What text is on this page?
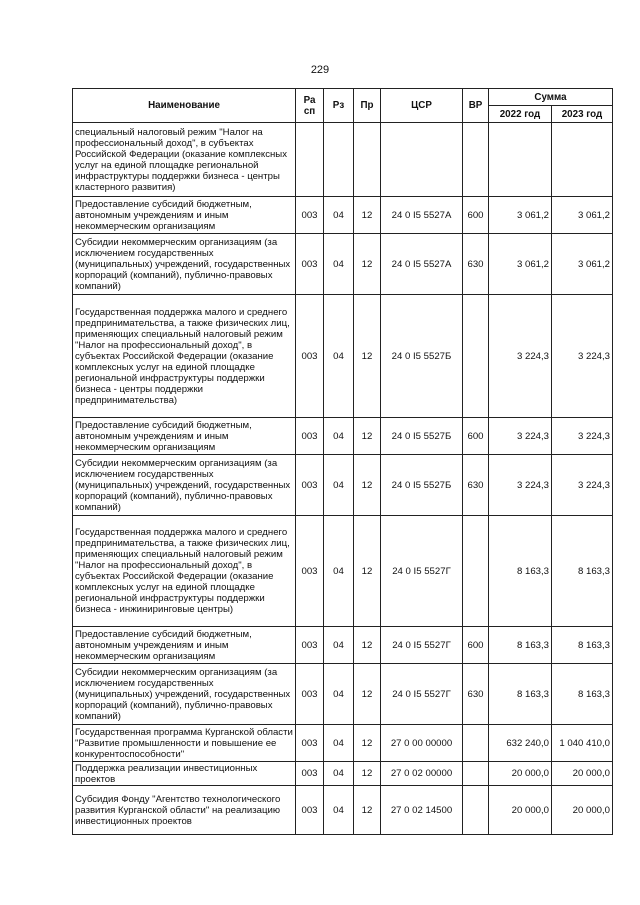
229
Наименование	Ра сп	Рз	Пр	ЦСР	ВР	Сумма	
						2022 год	2023 год
специальный налоговый режим "Налог на профессиональный доход", в субъектах Российской Федерации (оказание комплексных услуг на единой площадке региональной инфраструктуры поддержки бизнеса - центры кластерного развития)							
Предоставление субсидий бюджетным, автономным учреждениям и иным некоммерческим организациям	003	04	12	24 0 I5 5527А	600	3 061,2	3 061,2
Субсидии некоммерческим организациям (за исключением государственных (муниципальных) учреждений, государственных корпораций (компаний), публично-правовых компаний)	003	04	12	24 0 I5 5527А	630	3 061,2	3 061,2
Государственная поддержка малого и среднего предпринимательства, а также физических лиц, применяющих специальный налоговый режим "Налог на профессиональный доход", в субъектах Российской Федерации (оказание комплексных услуг на единой площадке региональной инфраструктуры поддержки бизнеса - центры поддержки предпринимательства)	003	04	12	24 0 I5 5527Б		3 224,3	3 224,3
Предоставление субсидий бюджетным, автономным учреждениям и иным некоммерческим организациям	003	04	12	24 0 I5 5527Б	600	3 224,3	3 224,3
Субсидии некоммерческим организациям (за исключением государственных (муниципальных) учреждений, государственных корпораций (компаний), публично-правовых компаний)	003	04	12	24 0 I5 5527Б	630	3 224,3	3 224,3
Государственная поддержка малого и среднего предпринимательства, а также физических лиц, применяющих специальный налоговый режим "Налог на профессиональный доход", в субъектах Российской Федерации (оказание комплексных услуг на единой площадке региональной инфраструктуры поддержки бизнеса - инжиниринговые центры)	003	04	12	24 0 I5 5527Г		8 163,3	8 163,3
Предоставление субсидий бюджетным, автономным учреждениям и иным некоммерческим организациям	003	04	12	24 0 I5 5527Г	600	8 163,3	8 163,3
Субсидии некоммерческим организациям (за исключением государственных (муниципальных) учреждений, государственных корпораций (компаний), публично-правовых компаний)	003	04	12	24 0 I5 5527Г	630	8 163,3	8 163,3
Государственная программа Курганской области "Развитие промышленности и повышение ее конкурентоспособности"	003	04	12	27 0 00 00000		632 240,0	1 040 410,0
Поддержка реализации инвестиционных проектов	003	04	12	27 0 02 00000		20 000,0	20 000,0
Субсидия Фонду "Агентство технологического развития Курганской области" на реализацию инвестиционных проектов	003	04	12	27 0 02 14500		20 000,0	20 000,0
